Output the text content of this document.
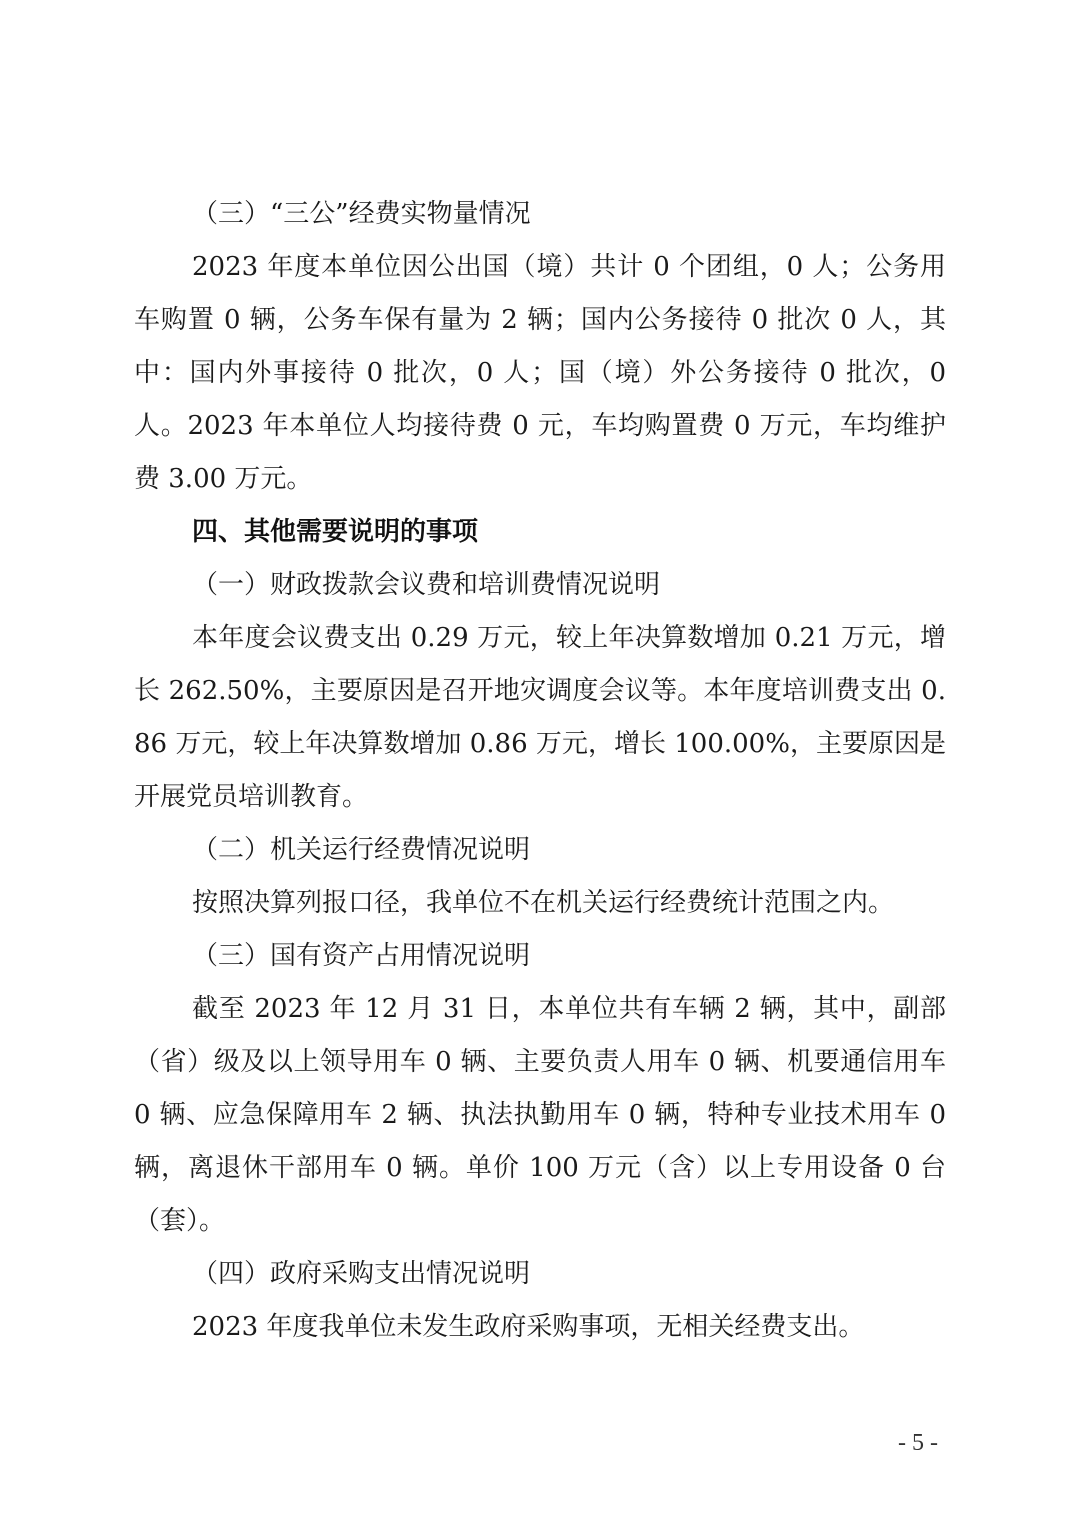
（三）“三公”经费实物量情况

2023 年度本单位因公出国（境）共计 0 个团组，0 人；公务用车购置 0 辆，公务车保有量为 2 辆；国内公务接待 0 批次 0 人，其中：国内外事接待 0 批次，0 人；国（境）外公务接待 0 批次，0 人。2023 年本单位人均接待费 0 元，车均购置费 0 万元，车均维护费 3.00 万元。

四、其他需要说明的事项

（一）财政拨款会议费和培训费情况说明

本年度会议费支出 0.29 万元，较上年决算数增加 0.21 万元，增长 262.50%，主要原因是召开地灾调度会议等。本年度培训费支出 0.86 万元，较上年决算数增加 0.86 万元，增长 100.00%，主要原因是开展党员培训教育。

（二）机关运行经费情况说明

按照决算列报口径，我单位不在机关运行经费统计范围之内。

（三）国有资产占用情况说明

截至 2023 年 12 月 31 日，本单位共有车辆 2 辆，其中，副部（省）级及以上领导用车 0 辆、主要负责人用车 0 辆、机要通信用车 0 辆、应急保障用车 2 辆、执法执勤用车 0 辆，特种专业技术用车 0 辆，离退休干部用车 0 辆。单价 100 万元（含）以上专用设备 0 台（套）。

（四）政府采购支出情况说明

2023 年度我单位未发生政府采购事项，无相关经费支出。

- 5 -
